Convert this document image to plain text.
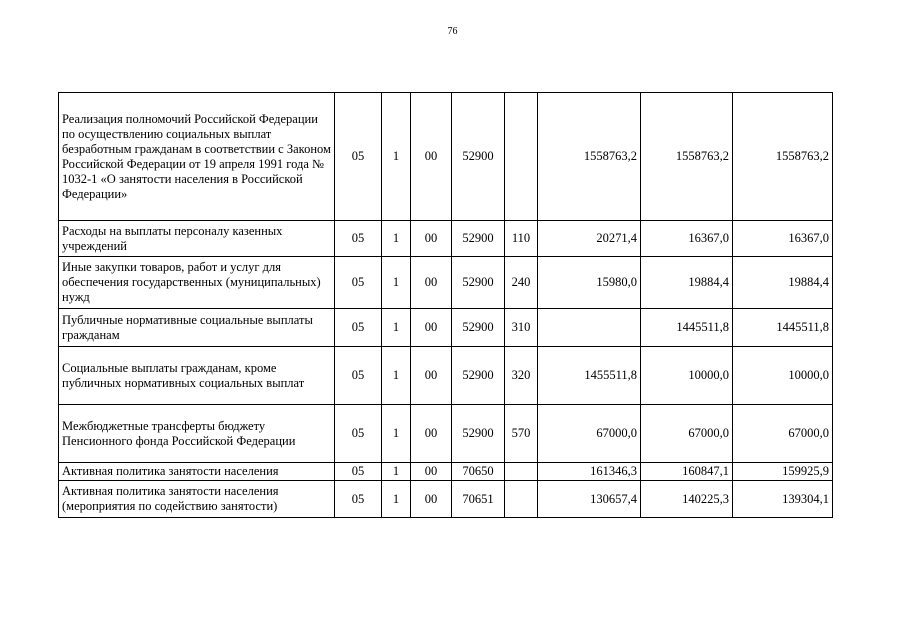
76
Реализация полномочий Российской Федерации по осуществлению социальных выплат безработным гражданам в соответствии с Законом Российской Федерации от 19 апреля 1991 года № 1032-1 «О занятости населения в Российской Федерации»	05	1	00	52900		1558763,2	1558763,2	1558763,2
Расходы на выплаты персоналу казенных учреждений	05	1	00	52900	110	20271,4	16367,0	16367,0
Иные закупки товаров, работ и услуг для обеспечения государственных (муниципальных) нужд	05	1	00	52900	240	15980,0	19884,4	19884,4
Публичные нормативные социальные выплаты гражданам	05	1	00	52900	310		1445511,8	1445511,8
Социальные выплаты гражданам, кроме публичных нормативных социальных выплат	05	1	00	52900	320	1455511,8	10000,0	10000,0
Межбюджетные трансферты бюджету Пенсионного фонда Российской Федерации	05	1	00	52900	570	67000,0	67000,0	67000,0
Активная политика занятости населения	05	1	00	70650		161346,3	160847,1	159925,9
Активная политика занятости населения (мероприятия по содействию занятости)	05	1	00	70651		130657,4	140225,3	139304,1
